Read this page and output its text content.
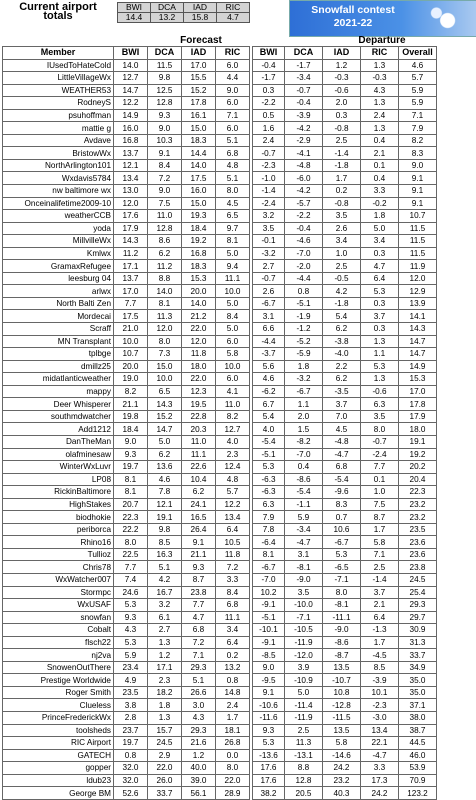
Current airport
totals
BWI	DCA	IAD	RIC
14.4	13.2	15.8	4.7
Snowfall contest
2021-22
Forecast	Departure
Member	BWI	DCA	IAD	RIC		BWI	DCA	IAD	RIC	Overall
IUsedToHateCold	14.0	11.5	17.0	6.0		-0.4	-1.7	1.2	1.3	4.6
LittleVillageWx	12.7	9.8	15.5	4.4		-1.7	-3.4	-0.3	-0.3	5.7
WEATHER53	14.7	12.5	15.2	9.0		0.3	-0.7	-0.6	4.3	5.9
RodneyS	12.2	12.8	17.8	6.0		-2.2	-0.4	2.0	1.3	5.9
psuhoffman	14.9	9.3	16.1	7.1		0.5	-3.9	0.3	2.4	7.1
mattie g	16.0	9.0	15.0	6.0		1.6	-4.2	-0.8	1.3	7.9
Avdave	16.8	10.3	18.3	5.1		2.4	-2.9	2.5	0.4	8.2
BristowWx	13.7	9.1	14.4	6.8		-0.7	-4.1	-1.4	2.1	8.3
NorthArlington101	12.1	8.4	14.0	4.8		-2.3	-4.8	-1.8	0.1	9.0
Wxdavis5784	13.4	7.2	17.5	5.1		-1.0	-6.0	1.7	0.4	9.1
nw baltimore wx	13.0	9.0	16.0	8.0		-1.4	-4.2	0.2	3.3	9.1
Onceinalifetime2009-10	12.0	7.5	15.0	4.5		-2.4	-5.7	-0.8	-0.2	9.1
weatherCCB	17.6	11.0	19.3	6.5		3.2	-2.2	3.5	1.8	10.7
yoda	17.9	12.8	18.4	9.7		3.5	-0.4	2.6	5.0	11.5
MillvilleWx	14.3	8.6	19.2	8.1		-0.1	-4.6	3.4	3.4	11.5
Kmlwx	11.2	6.2	16.8	5.0		-3.2	-7.0	1.0	0.3	11.5
GramaxRefugee	17.1	11.2	18.3	9.4		2.7	-2.0	2.5	4.7	11.9
leesburg 04	13.7	8.8	15.3	11.1		-0.7	-4.4	-0.5	6.4	12.0
arlwx	17.0	14.0	20.0	10.0		2.6	0.8	4.2	5.3	12.9
North Balti Zen	7.7	8.1	14.0	5.0		-6.7	-5.1	-1.8	0.3	13.9
Mordecai	17.5	11.3	21.2	8.4		3.1	-1.9	5.4	3.7	14.1
Scraff	21.0	12.0	22.0	5.0		6.6	-1.2	6.2	0.3	14.3
MN Transplant	10.0	8.0	12.0	6.0		-4.4	-5.2	-3.8	1.3	14.7
tplbge	10.7	7.3	11.8	5.8		-3.7	-5.9	-4.0	1.1	14.7
dmillz25	20.0	15.0	18.0	10.0		5.6	1.8	2.2	5.3	14.9
midatlanticweather	19.0	10.0	22.0	6.0		4.6	-3.2	6.2	1.3	15.3
mappy	8.2	6.5	12.3	4.1		-6.2	-6.7	-3.5	-0.6	17.0
Deer Whisperer	21.1	14.3	19.5	11.0		6.7	1.1	3.7	6.3	17.8
southmdwatcher	19.8	15.2	22.8	8.2		5.4	2.0	7.0	3.5	17.9
Add1212	18.4	14.7	20.3	12.7		4.0	1.5	4.5	8.0	18.0
DanTheMan	9.0	5.0	11.0	4.0		-5.4	-8.2	-4.8	-0.7	19.1
olafminesaw	9.3	6.2	11.1	2.3		-5.1	-7.0	-4.7	-2.4	19.2
WinterWxLuvr	19.7	13.6	22.6	12.4		5.3	0.4	6.8	7.7	20.2
LP08	8.1	4.6	10.4	4.8		-6.3	-8.6	-5.4	0.1	20.4
RickinBaltimore	8.1	7.8	6.2	5.7		-6.3	-5.4	-9.6	1.0	22.3
HighStakes	20.7	12.1	24.1	12.2		6.3	-1.1	8.3	7.5	23.2
biodhokie	22.3	19.1	16.5	13.4		7.9	5.9	0.7	8.7	23.2
periborca	22.2	9.8	26.4	6.4		7.8	-3.4	10.6	1.7	23.5
Rhino16	8.0	8.5	9.1	10.5		-6.4	-4.7	-6.7	5.8	23.6
Tullioz	22.5	16.3	21.1	11.8		8.1	3.1	5.3	7.1	23.6
Chris78	7.7	5.1	9.3	7.2		-6.7	-8.1	-6.5	2.5	23.8
WxWatcher007	7.4	4.2	8.7	3.3		-7.0	-9.0	-7.1	-1.4	24.5
Stormpc	24.6	16.7	23.8	8.4		10.2	3.5	8.0	3.7	25.4
WxUSAF	5.3	3.2	7.7	6.8		-9.1	-10.0	-8.1	2.1	29.3
snowfan	9.3	6.1	4.7	11.1		-5.1	-7.1	-11.1	6.4	29.7
Cobalt	4.3	2.7	6.8	3.4		-10.1	-10.5	-9.0	-1.3	30.9
flsch22	5.3	1.3	7.2	6.4		-9.1	-11.9	-8.6	1.7	31.3
nj2va	5.9	1.2	7.1	0.2		-8.5	-12.0	-8.7	-4.5	33.7
SnowenOutThere	23.4	17.1	29.3	13.2		9.0	3.9	13.5	8.5	34.9
Prestige Worldwide	4.9	2.3	5.1	0.8		-9.5	-10.9	-10.7	-3.9	35.0
Roger Smith	23.5	18.2	26.6	14.8		9.1	5.0	10.8	10.1	35.0
Clueless	3.8	1.8	3.0	2.4		-10.6	-11.4	-12.8	-2.3	37.1
PrinceFrederickWx	2.8	1.3	4.3	1.7		-11.6	-11.9	-11.5	-3.0	38.0
toolsheds	23.7	15.7	29.3	18.1		9.3	2.5	13.5	13.4	38.7
RIC Airport	19.7	24.5	21.6	26.8		5.3	11.3	5.8	22.1	44.5
GATECH	0.8	2.9	1.2	0.0		-13.6	-13.1	-14.6	-4.7	46.0
gopper	32.0	22.0	40.0	8.0		17.6	8.8	24.2	3.3	53.9
ldub23	32.0	26.0	39.0	22.0		17.6	12.8	23.2	17.3	70.9
George BM	52.6	33.7	56.1	28.9		38.2	20.5	40.3	24.2	123.2
